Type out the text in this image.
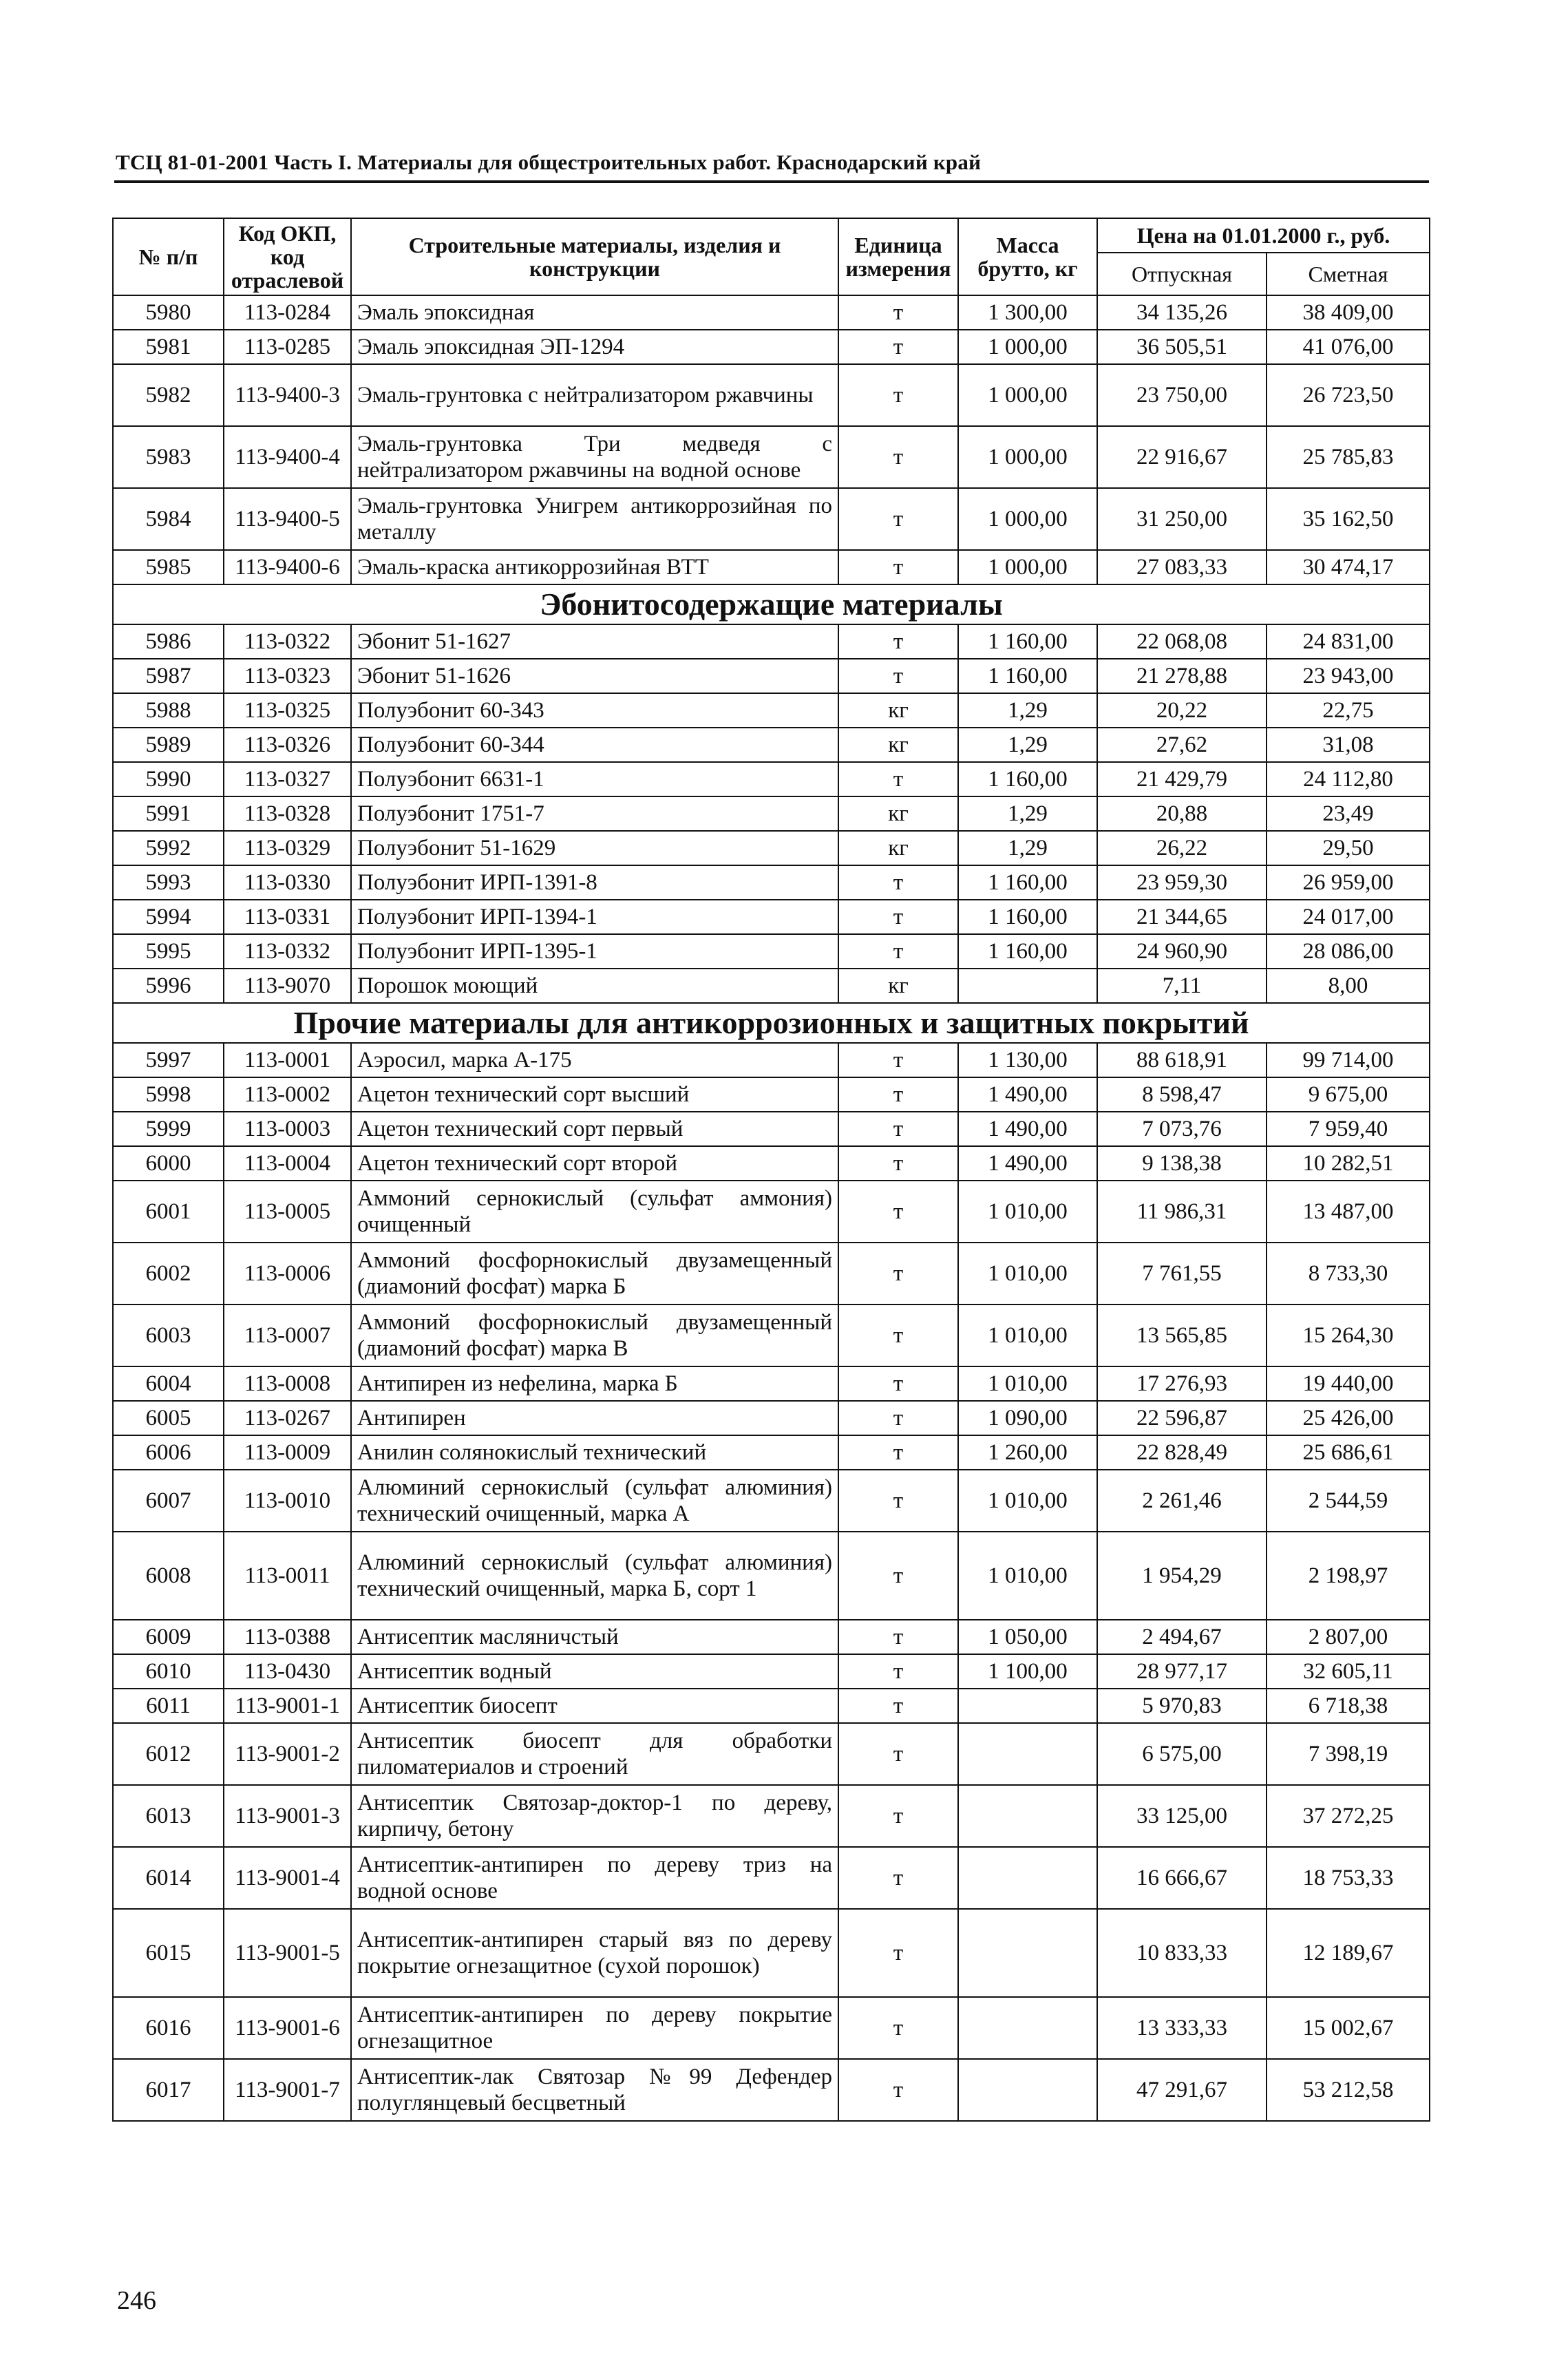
ТСЦ 81-01-2001 Часть I. Материалы для общестроительных работ. Краснодарский край
№ п/п	Код ОКП, код отраслевой	Строительные материалы, изделия и конструкции	Единица измерения	Масса брутто, кг	Цена на 01.01.2000 г., руб.	
					Отпускная	Сметная
5980	113-0284	Эмаль эпоксидная	т	1 300,00	34 135,26	38 409,00
5981	113-0285	Эмаль эпоксидная ЭП-1294	т	1 000,00	36 505,51	41 076,00
5982	113-9400-3	Эмаль-грунтовка с нейтрализатором ржавчины	т	1 000,00	23 750,00	26 723,50
5983	113-9400-4	Эмаль-грунтовка Три медведя с нейтрализатором ржавчины на водной основе	т	1 000,00	22 916,67	25 785,83
5984	113-9400-5	Эмаль-грунтовка Унигрем антикоррозийная по металлу	т	1 000,00	31 250,00	35 162,50
5985	113-9400-6	Эмаль-краска антикоррозийная ВТТ	т	1 000,00	27 083,33	30 474,17
Эбонитосодержащие материалы						
5986	113-0322	Эбонит 51-1627	т	1 160,00	22 068,08	24 831,00
5987	113-0323	Эбонит 51-1626	т	1 160,00	21 278,88	23 943,00
5988	113-0325	Полуэбонит 60-343	кг	1,29	20,22	22,75
5989	113-0326	Полуэбонит 60-344	кг	1,29	27,62	31,08
5990	113-0327	Полуэбонит 6631-1	т	1 160,00	21 429,79	24 112,80
5991	113-0328	Полуэбонит 1751-7	кг	1,29	20,88	23,49
5992	113-0329	Полуэбонит 51-1629	кг	1,29	26,22	29,50
5993	113-0330	Полуэбонит ИРП-1391-8	т	1 160,00	23 959,30	26 959,00
5994	113-0331	Полуэбонит ИРП-1394-1	т	1 160,00	21 344,65	24 017,00
5995	113-0332	Полуэбонит ИРП-1395-1	т	1 160,00	24 960,90	28 086,00
5996	113-9070	Порошок моющий	кг		7,11	8,00
Прочие материалы для антикоррозионных и защитных покрытий						
5997	113-0001	Аэросил, марка А-175	т	1 130,00	88 618,91	99 714,00
5998	113-0002	Ацетон технический сорт высший	т	1 490,00	8 598,47	9 675,00
5999	113-0003	Ацетон технический сорт первый	т	1 490,00	7 073,76	7 959,40
6000	113-0004	Ацетон технический сорт второй	т	1 490,00	9 138,38	10 282,51
6001	113-0005	Аммоний сернокислый (сульфат аммония) очищенный	т	1 010,00	11 986,31	13 487,00
6002	113-0006	Аммоний фосфорнокислый двузамещенный (диамоний фосфат) марка Б	т	1 010,00	7 761,55	8 733,30
6003	113-0007	Аммоний фосфорнокислый двузамещенный (диамоний фосфат) марка В	т	1 010,00	13 565,85	15 264,30
6004	113-0008	Антипирен из нефелина, марка Б	т	1 010,00	17 276,93	19 440,00
6005	113-0267	Антипирен	т	1 090,00	22 596,87	25 426,00
6006	113-0009	Анилин солянокислый технический	т	1 260,00	22 828,49	25 686,61
6007	113-0010	Алюминий сернокислый (сульфат алюминия) технический очищенный, марка А	т	1 010,00	2 261,46	2 544,59
6008	113-0011	Алюминий сернокислый (сульфат алюминия) технический очищенный, марка Б, сорт 1	т	1 010,00	1 954,29	2 198,97
6009	113-0388	Антисептик масляничстый	т	1 050,00	2 494,67	2 807,00
6010	113-0430	Антисептик водный	т	1 100,00	28 977,17	32 605,11
6011	113-9001-1	Антисептик биосепт	т		5 970,83	6 718,38
6012	113-9001-2	Антисептик биосепт для обработки пиломатериалов и строений	т		6 575,00	7 398,19
6013	113-9001-3	Антисептик Святозар-доктор-1 по дереву, кирпичу, бетону	т		33 125,00	37 272,25
6014	113-9001-4	Антисептик-антипирен по дереву триз на водной основе	т		16 666,67	18 753,33
6015	113-9001-5	Антисептик-антипирен старый вяз по дереву покрытие огнезащитное (сухой порошок)	т		10 833,33	12 189,67
6016	113-9001-6	Антисептик-антипирен по дереву покрытие огнезащитное	т		13 333,33	15 002,67
6017	113-9001-7	Антисептик-лак Святозар №99 Дефендер полуглянцевый бесцветный	т		47 291,67	53 212,58
246
